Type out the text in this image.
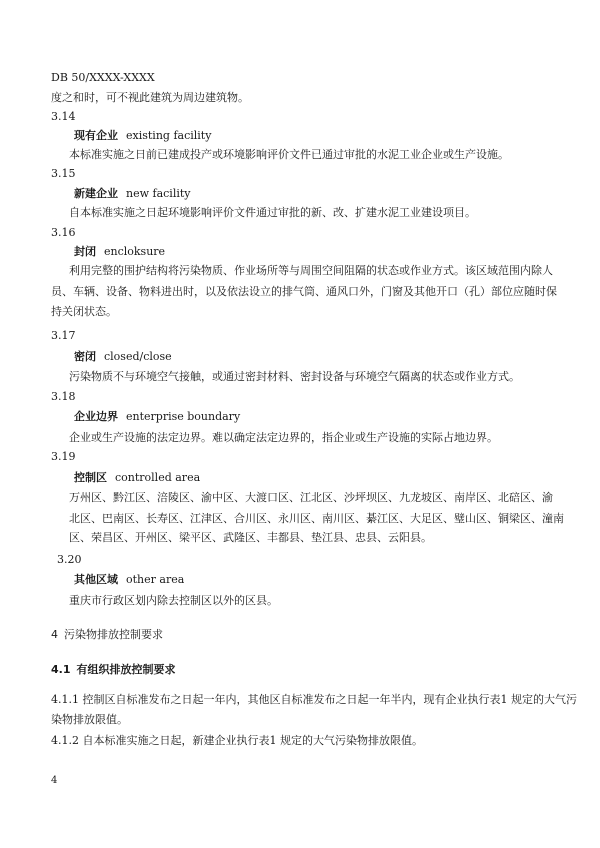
DB 50/XXXX-XXXX
度之和时，可不视此建筑为周边建筑物。
3.14
现有企业 existing facility
本标准实施之日前已建成投产或环境影响评价文件已通过审批的水泥工业企业或生产设施。
3.15
新建企业 new facility
自本标准实施之日起环境影响评价文件通过审批的新、改、扩建水泥工业建设项目。
3.16
封闭 encloksure
利用完整的围护结构将污染物质、作业场所等与周围空间阻隔的状态或作业方式。该区域范围内除人
员、车辆、设备、物料进出时，以及依法设立的排气筒、通风口外，门窗及其他开口（孔）部位应随时保
持关闭状态。
3.17
密闭 closed/close
污染物质不与环境空气接触，或通过密封材料、密封设备与环境空气隔离的状态或作业方式。
3.18
企业边界 enterprise boundary
企业或生产设施的法定边界。难以确定法定边界的，指企业或生产设施的实际占地边界。
3.19
控制区 controlled area
万州区、黔江区、涪陵区、渝中区、大渡口区、江北区、沙坪坝区、九龙坡区、南岸区、北碚区、渝
北区、巴南区、长寿区、江津区、合川区、永川区、南川区、綦江区、大足区、璧山区、铜梁区、潼南
区、荣昌区、开州区、梁平区、武隆区、丰都县、垫江县、忠县、云阳县。
3.20
其他区域 other area
重庆市行政区划内除去控制区以外的区县。
4 污染物排放控制要求
4.1 有组织排放控制要求
4.1.1 控制区自标准发布之日起一年内，其他区自标准发布之日起一年半内，现有企业执行表1 规定的大气污
染物排放限值。
4.1.2 自本标准实施之日起，新建企业执行表1 规定的大气污染物排放限值。
4
